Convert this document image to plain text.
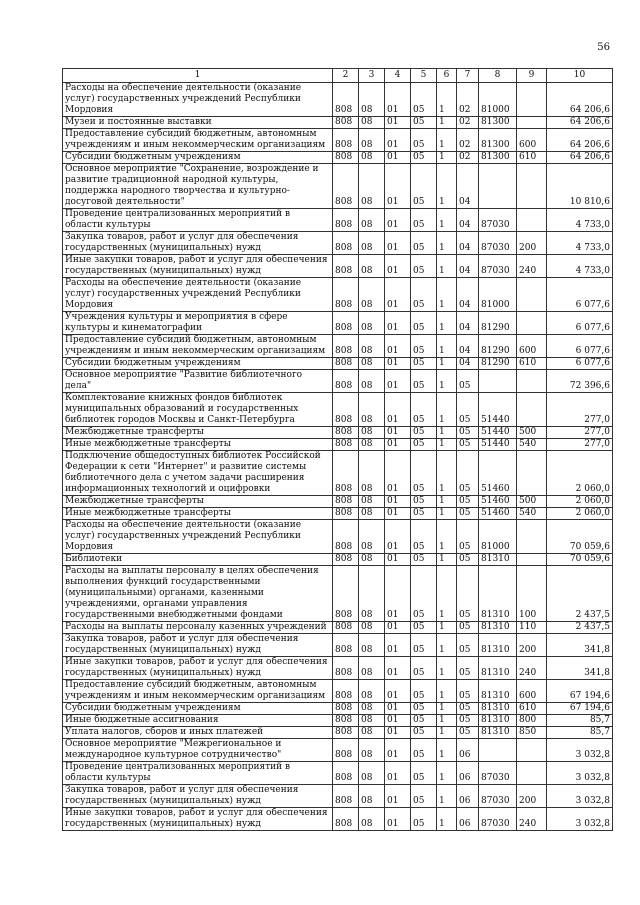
56
1	2	3	4	5	6	7	8	9	10
Расходы на обеспечение деятельности (оказание услуг) государственных учреждений Республики Мордовия	808	08	01	05	1	02	81000		64 206,6
Музеи и постоянные выставки	808	08	01	05	1	02	81300		64 206,6
Предоставление субсидий бюджетным, автономным учреждениям и иным некоммерческим организациям	808	08	01	05	1	02	81300	600	64 206,6
Субсидии бюджетным учреждениям	808	08	01	05	1	02	81300	610	64 206,6
Основное мероприятие "Сохранение, возрождение и развитие традиционной народной культуры, поддержка народного творчества и культурно-досуговой деятельности"	808	08	01	05	1	04			10 810,6
Проведение централизованных мероприятий в области культуры	808	08	01	05	1	04	87030		4 733,0
Закупка товаров, работ и услуг для обеспечения государственных (муниципальных) нужд	808	08	01	05	1	04	87030	200	4 733,0
Иные закупки товаров, работ и услуг для обеспечения государственных (муниципальных) нужд	808	08	01	05	1	04	87030	240	4 733,0
Расходы на обеспечение деятельности (оказание услуг) государственных учреждений Республики Мордовия	808	08	01	05	1	04	81000		6 077,6
Учреждения культуры и мероприятия в сфере культуры и кинематографии	808	08	01	05	1	04	81290		6 077,6
Предоставление субсидий бюджетным, автономным учреждениям и иным некоммерческим организациям	808	08	01	05	1	04	81290	600	6 077,6
Субсидии бюджетным учреждениям	808	08	01	05	1	04	81290	610	6 077,6
Основное мероприятие "Развитие библиотечного дела"	808	08	01	05	1	05			72 396,6
Комплектование книжных фондов библиотек муниципальных образований и государственных библиотек городов Москвы и Санкт-Петербурга	808	08	01	05	1	05	51440		277,0
Межбюджетные трансферты	808	08	01	05	1	05	51440	500	277,0
Иные межбюджетные трансферты	808	08	01	05	1	05	51440	540	277,0
Подключение общедоступных библиотек Российской Федерации к сети "Интернет" и развитие системы библиотечного дела с учетом задачи расширения информационных технологий и оцифровки	808	08	01	05	1	05	51460		2 060,0
Межбюджетные трансферты	808	08	01	05	1	05	51460	500	2 060,0
Иные межбюджетные трансферты	808	08	01	05	1	05	51460	540	2 060,0
Расходы на обеспечение деятельности (оказание услуг) государственных учреждений Республики Мордовия	808	08	01	05	1	05	81000		70 059,6
Библиотеки	808	08	01	05	1	05	81310		70 059,6
Расходы на выплаты персоналу в целях обеспечения выполнения функций государственными (муниципальными) органами, казенными учреждениями, органами управления государственными внебюджетными фондами	808	08	01	05	1	05	81310	100	2 437,5
Расходы на выплаты персоналу казенных учреждений	808	08	01	05	1	05	81310	110	2 437,5
Закупка товаров, работ и услуг для обеспечения государственных (муниципальных) нужд	808	08	01	05	1	05	81310	200	341,8
Иные закупки товаров, работ и услуг для обеспечения государственных (муниципальных) нужд	808	08	01	05	1	05	81310	240	341,8
Предоставление субсидий бюджетным, автономным учреждениям и иным некоммерческим организациям	808	08	01	05	1	05	81310	600	67 194,6
Субсидии бюджетным учреждениям	808	08	01	05	1	05	81310	610	67 194,6
Иные бюджетные ассигнования	808	08	01	05	1	05	81310	800	85,7
Уплата налогов, сборов и иных платежей	808	08	01	05	1	05	81310	850	85,7
Основное мероприятие "Межрегиональное и международное культурное сотрудничество"	808	08	01	05	1	06			3 032,8
Проведение централизованных мероприятий в области культуры	808	08	01	05	1	06	87030		3 032,8
Закупка товаров, работ и услуг для обеспечения государственных (муниципальных) нужд	808	08	01	05	1	06	87030	200	3 032,8
Иные закупки товаров, работ и услуг для обеспечения государственных (муниципальных) нужд	808	08	01	05	1	06	87030	240	3 032,8
